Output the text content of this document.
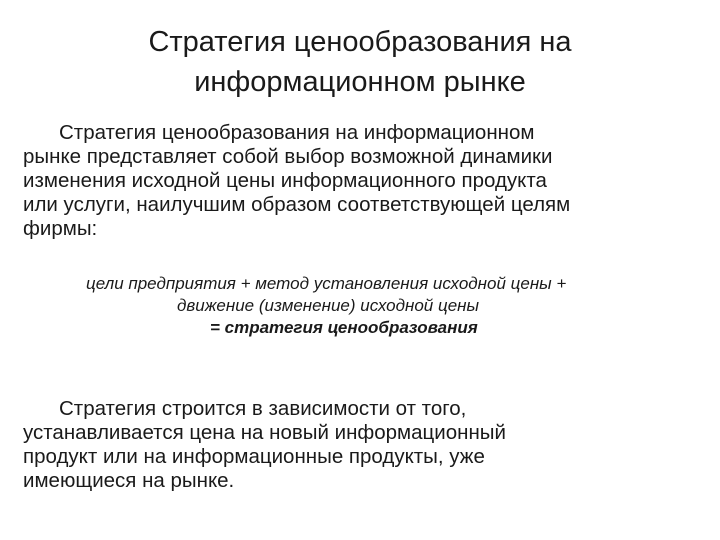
Стратегия ценообразования на
информационном рынке

Стратегия ценообразования на информационном
рынке представляет собой выбор возможной динамики
изменения исходной цены информационного продукта
или услуги, наилучшим образом соответствующей целям
фирмы:

цели предприятия + метод установления исходной цены +
движение (изменение) исходной цены
= стратегия ценообразования

Стратегия строится в зависимости от того,
устанавливается цена на новый информационный
продукт или на информационные продукты, уже
имеющиеся на рынке.
